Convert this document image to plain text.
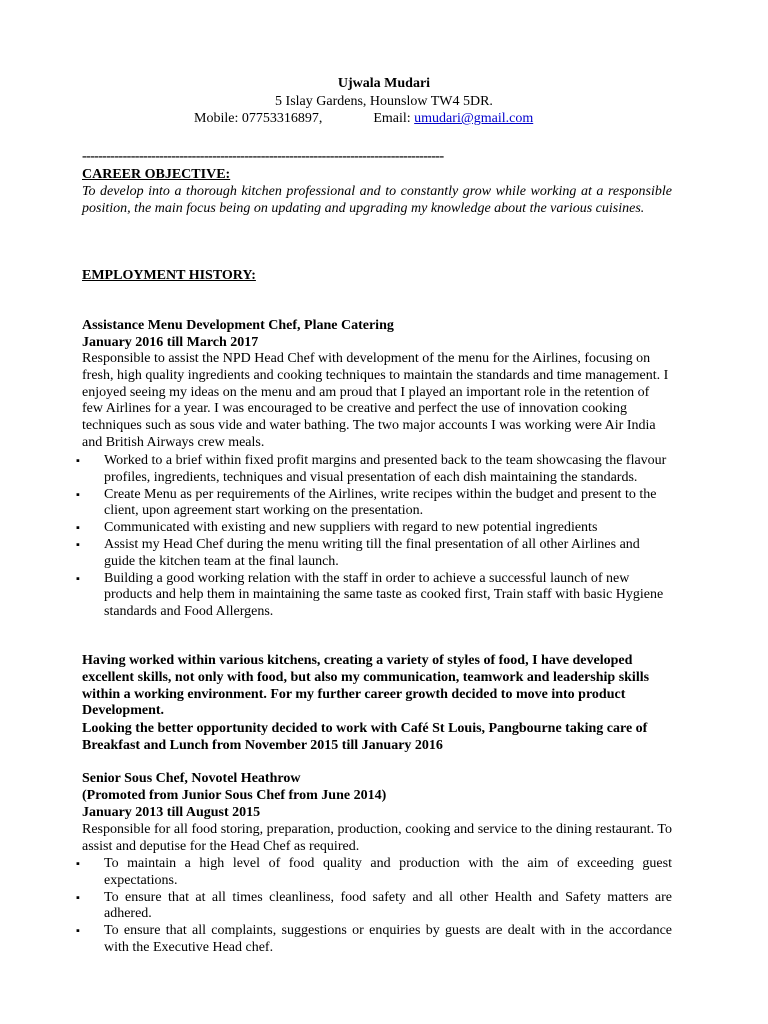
Ujwala Mudari
5 Islay Gardens, Hounslow TW4 5DR.
Mobile: 07753316897,	Email: umudari@gmail.com
-----------------------------------------------------------------------------------------
CAREER OBJECTIVE:
To develop into a thorough kitchen professional and to constantly grow while working at a responsible position, the main focus being on updating and upgrading my knowledge about the various cuisines.
EMPLOYMENT HISTORY:
Assistance Menu Development Chef, Plane Catering
January 2016 till March 2017
Responsible to assist the NPD Head Chef with development of the menu for the Airlines, focusing on fresh, high quality ingredients and cooking techniques to maintain the standards and time management. I enjoyed seeing my ideas on the menu and am proud that I played an important role in the retention of few Airlines for a year. I was encouraged to be creative and perfect the use of innovation cooking techniques such as sous vide and water bathing. The two major accounts I was working were Air India and British Airways crew meals.
▪	Worked to a brief within fixed profit margins and presented back to the team showcasing the flavour profiles, ingredients, techniques and visual presentation of each dish maintaining the standards.
▪	Create Menu as per requirements of the Airlines, write recipes within the budget and present to the client, upon agreement start working on the presentation.
▪	Communicated with existing and new suppliers with regard to new potential ingredients
▪	Assist my Head Chef during the menu writing till the final presentation of all other Airlines and guide the kitchen team at the final launch.
▪	Building a good working relation with the staff in order to achieve a successful launch of new products and help them in maintaining the same taste as cooked first, Train staff with basic Hygiene standards and Food Allergens.
Having worked within various kitchens, creating a variety of styles of food, I have developed excellent skills, not only with food, but also my communication, teamwork and leadership skills within a working environment. For my further career growth decided to move into product Development.
Looking the better opportunity decided to work with Café St Louis, Pangbourne taking care of Breakfast and Lunch from November 2015 till January 2016
Senior Sous Chef, Novotel Heathrow
(Promoted from Junior Sous Chef from June 2014)
January 2013 till August 2015
Responsible for all food storing, preparation, production, cooking and service to the dining restaurant. To assist and deputise for the Head Chef as required.
▪	To maintain a high level of food quality and production with the aim of exceeding guest expectations.
▪	To ensure that at all times cleanliness, food safety and all other Health and Safety matters are adhered.
▪	To ensure that all complaints, suggestions or enquiries by guests are dealt with in the accordance with the Executive Head chef.
